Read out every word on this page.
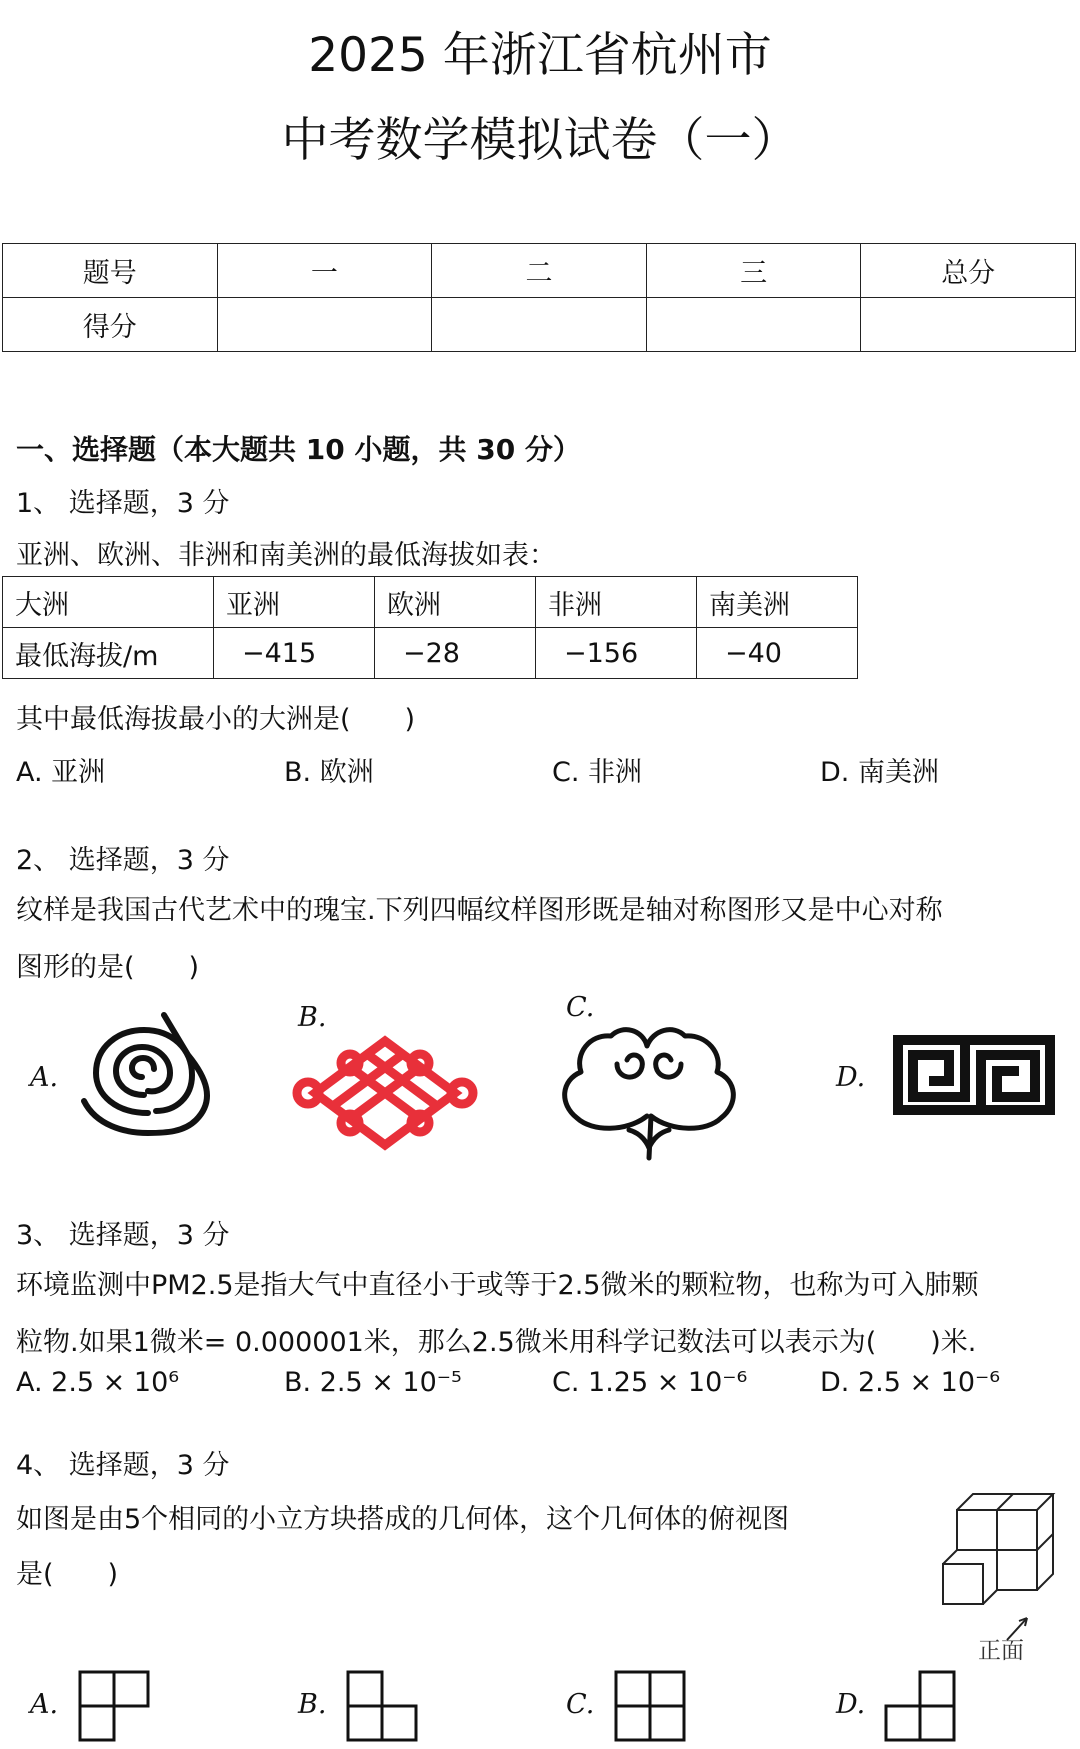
2025 年浙江省杭州市
中考数学模拟试卷（一）
题号	一	二	三	总分
得分				
一、选择题（本大题共 10 小题，共 30 分）
1、 选择题，3 分
亚洲、欧洲、非洲和南美洲的最低海拔如表：
大洲	亚洲	欧洲	非洲	南美洲
最低海拔/m	−415	−28	−156	−40
其中最低海拔最小的大洲是(　　)
A. 亚洲	B. 欧洲	C. 非洲	D. 南美洲
2、 选择题，3 分
纹样是我国古代艺术中的瑰宝.下列四幅纹样图形既是轴对称图形又是中心对称
图形的是(　　)
A.
B.	C.
D.
3、 选择题，3 分
环境监测中PM2.5是指大气中直径小于或等于2.5微米的颗粒物，也称为可入肺颗
粒物.如果1微米= 0.000001米，那么2.5微米用科学记数法可以表示为(　　)米.
A. 2.5 × 10⁶	B. 2.5 × 10⁻⁵	C. 1.25 × 10⁻⁶	D. 2.5 × 10⁻⁶
4、 选择题，3 分
如图是由5个相同的小立方块搭成的几何体，这个几何体的俯视图
是(　　)
正面
A.	B.	C.	D.
